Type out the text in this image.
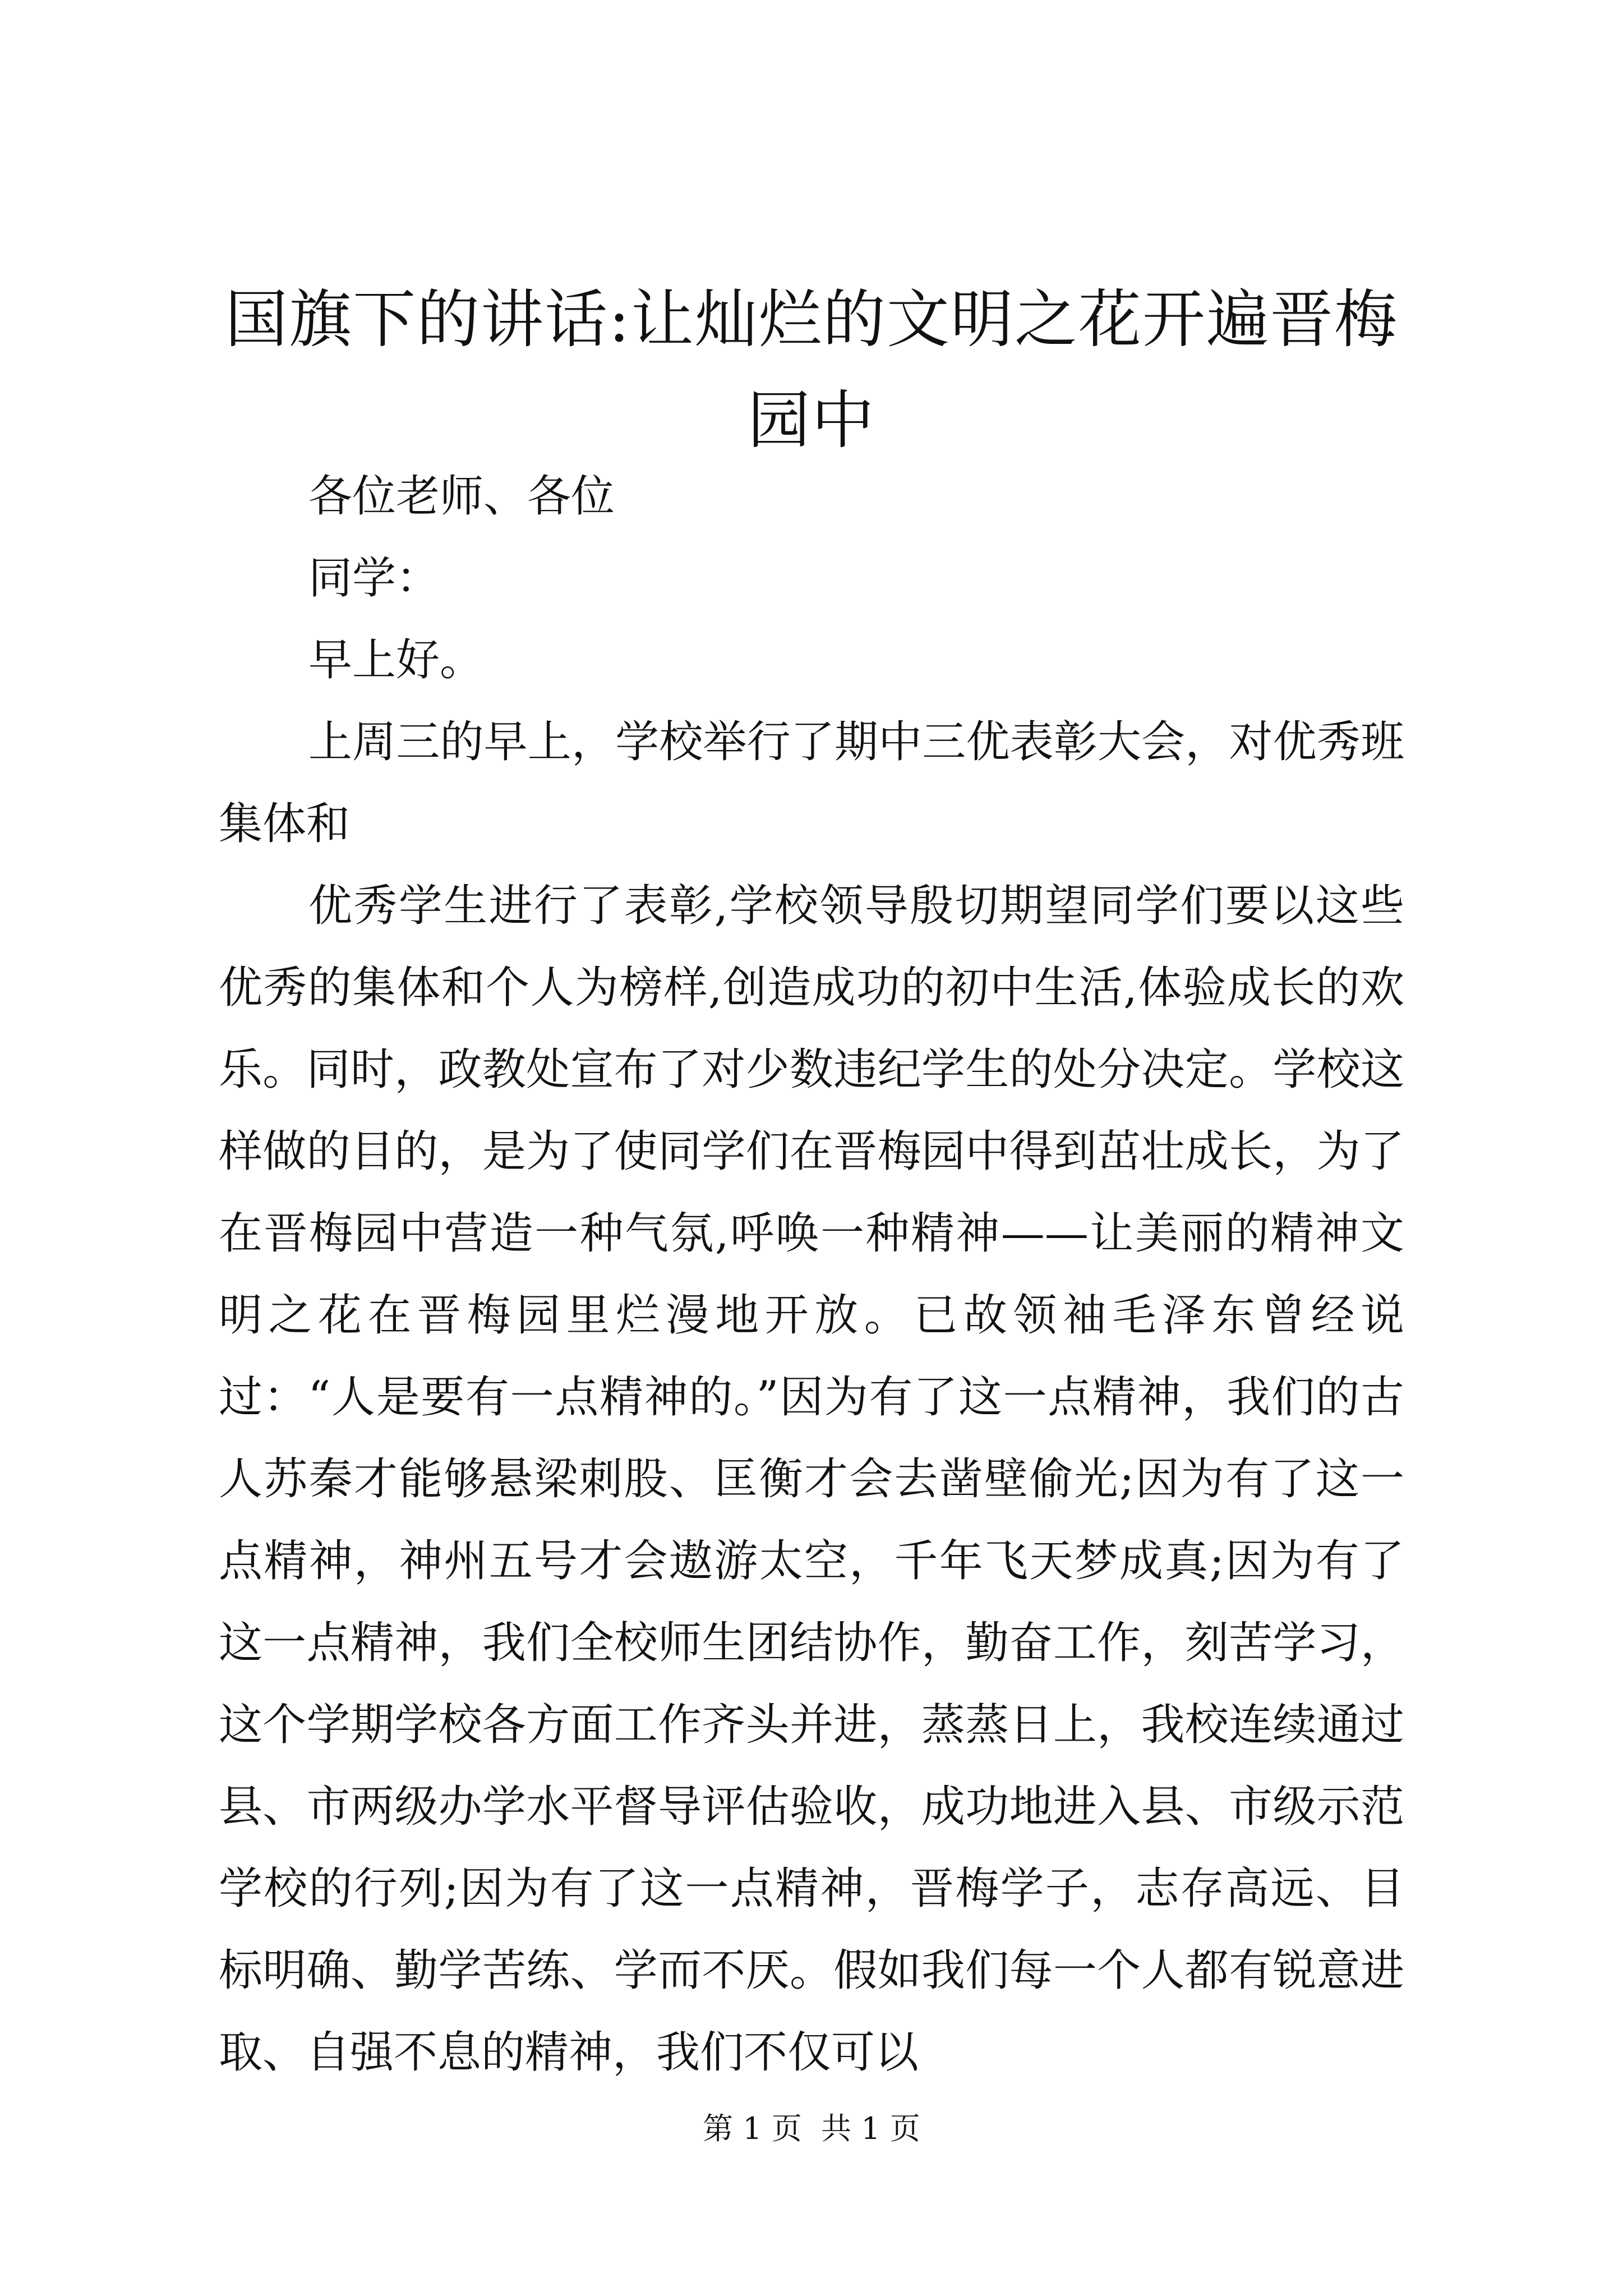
国旗下的讲话:让灿烂的文明之花开遍晋梅园中

各位老师、各位

同学：

早上好。

上周三的早上，学校举行了期中三优表彰大会，对优秀班集体和

优秀学生进行了表彰,学校领导殷切期望同学们要以这些优秀的集体和个人为榜样,创造成功的初中生活,体验成长的欢乐。同时，政教处宣布了对少数违纪学生的处分决定。学校这样做的目的，是为了使同学们在晋梅园中得到茁壮成长，为了在晋梅园中营造一种气氛,呼唤一种精神——让美丽的精神文明之花在晋梅园里烂漫地开放。已故领袖毛泽东曾经说过：“人是要有一点精神的。”因为有了这一点精神，我们的古人苏秦才能够悬梁刺股、匡衡才会去凿壁偷光;因为有了这一点精神，神州五号才会遨游太空，千年飞天梦成真;因为有了这一点精神，我们全校师生团结协作，勤奋工作，刻苦学习，这个学期学校各方面工作齐头并进，蒸蒸日上，我校连续通过县、市两级办学水平督导评估验收，成功地进入县、市级示范学校的行列;因为有了这一点精神，晋梅学子，志存高远、目标明确、勤学苦练、学而不厌。假如我们每一个人都有锐意进取、自强不息的精神，我们不仅可以

第 1 页  共 1 页
